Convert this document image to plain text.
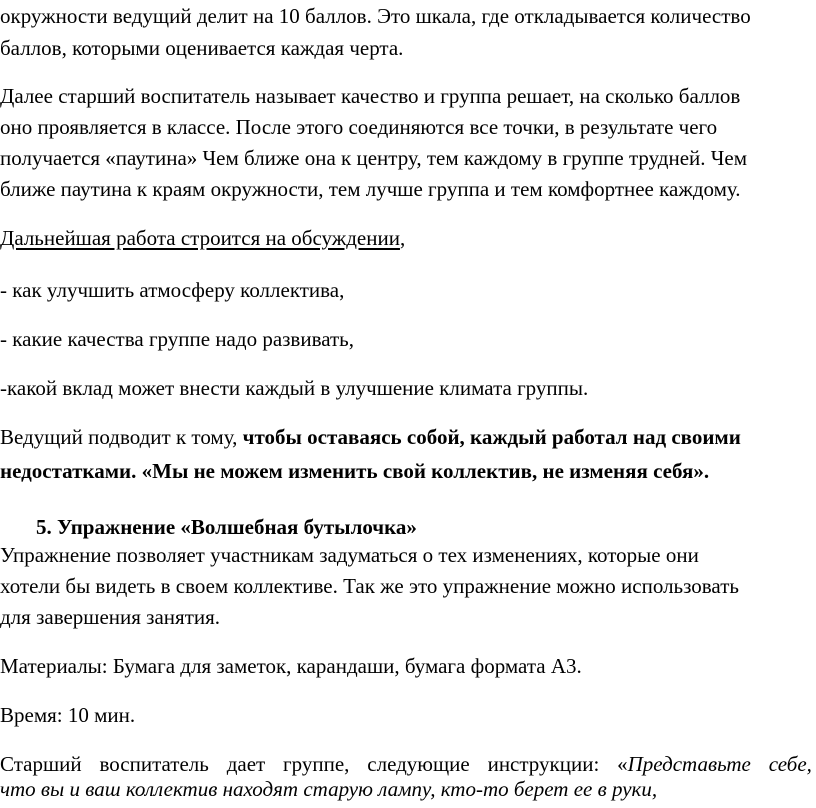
окружности ведущий делит на 10 баллов. Это шкала, где откладывается количество
баллов, которыми оценивается каждая черта.
Далее старший воспитатель называет качество и группа решает, на сколько баллов
оно проявляется в классе. После этого соединяются все точки, в результате чего
получается «паутина» Чем ближе она к центру, тем каждому в группе трудней. Чем
ближе паутина к краям окружности, тем лучше группа и тем комфортнее каждому.
Дальнейшая работа строится на обсуждении,
- как улучшить атмосферу коллектива,
- какие качества группе надо развивать,
-какой вклад может внести каждый в улучшение климата группы.
Ведущий подводит к тому, чтобы оставаясь собой, каждый работал над своими
недостатками. «Мы не можем изменить свой коллектив, не изменяя себя».
5. Упражнение «Волшебная бутылочка»
Упражнение позволяет участникам задуматься о тех изменениях, которые они
хотели бы видеть в своем коллективе. Так же это упражнение можно использовать
для завершения занятия.
Материалы: Бумага для заметок, карандаши, бумага формата А3.
Время: 10 мин.
Старший воспитатель дает группе, следующие инструкции: «Представьте себе,
что вы и ваш коллектив находят старую лампу, кто-то берет ее в руки,
